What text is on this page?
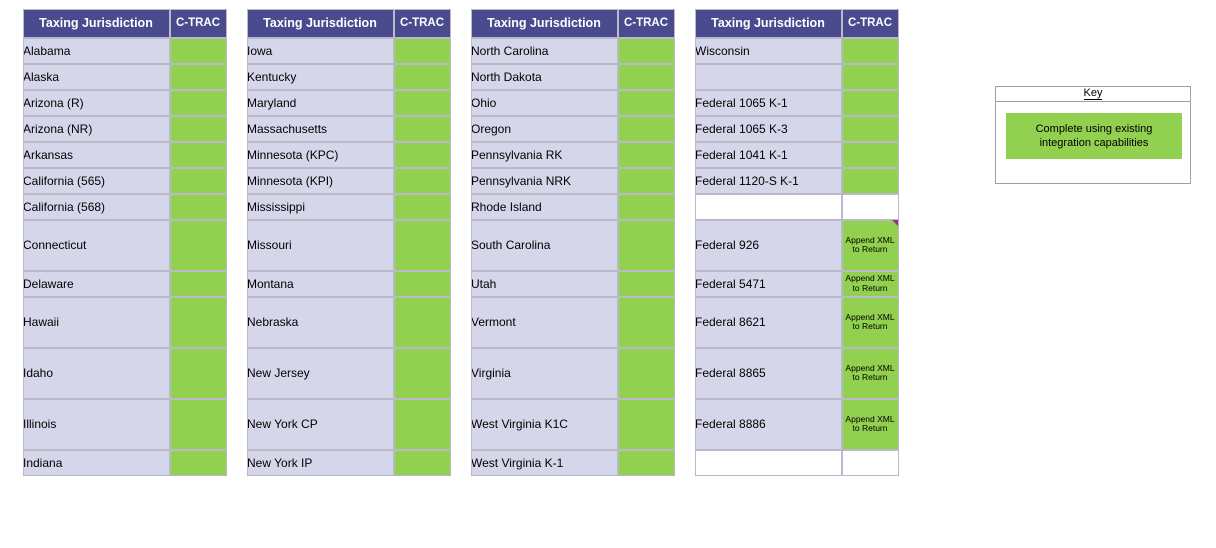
Taxing Jurisdiction	C-TRAC
Alabama	
Alaska	
Arizona (R)	
Arizona (NR)	
Arkansas	
California (565)	
California (568)	
Connecticut	
Delaware	
Hawaii	
Idaho	
Illinois	
Indiana	
Taxing Jurisdiction	C-TRAC
Iowa	
Kentucky	
Maryland	
Massachusetts	
Minnesota (KPC)	
Minnesota (KPI)	
Mississippi	
Missouri	
Montana	
Nebraska	
New Jersey	
New York CP	
New York IP	
Taxing Jurisdiction	C-TRAC
North Carolina	
North Dakota	
Ohio	
Oregon	
Pennsylvania RK	
Pennsylvania NRK	
Rhode Island	
South Carolina	
Utah	
Vermont	
Virginia	
West Virginia K1C	
West Virginia K-1	
Taxing Jurisdiction	C-TRAC
Wisconsin	

Federal 1065 K-1	
Federal 1065 K-3	
Federal 1041 K-1	
Federal 1120-S K-1	

Federal 926	Append XML to Return

Federal 5471	Append XML to Return
Federal 8621	Append XML to Return
Federal 8865	Append XML to Return
Federal 8886	Append XML to Return

Key
Complete using existing integration capabilities
